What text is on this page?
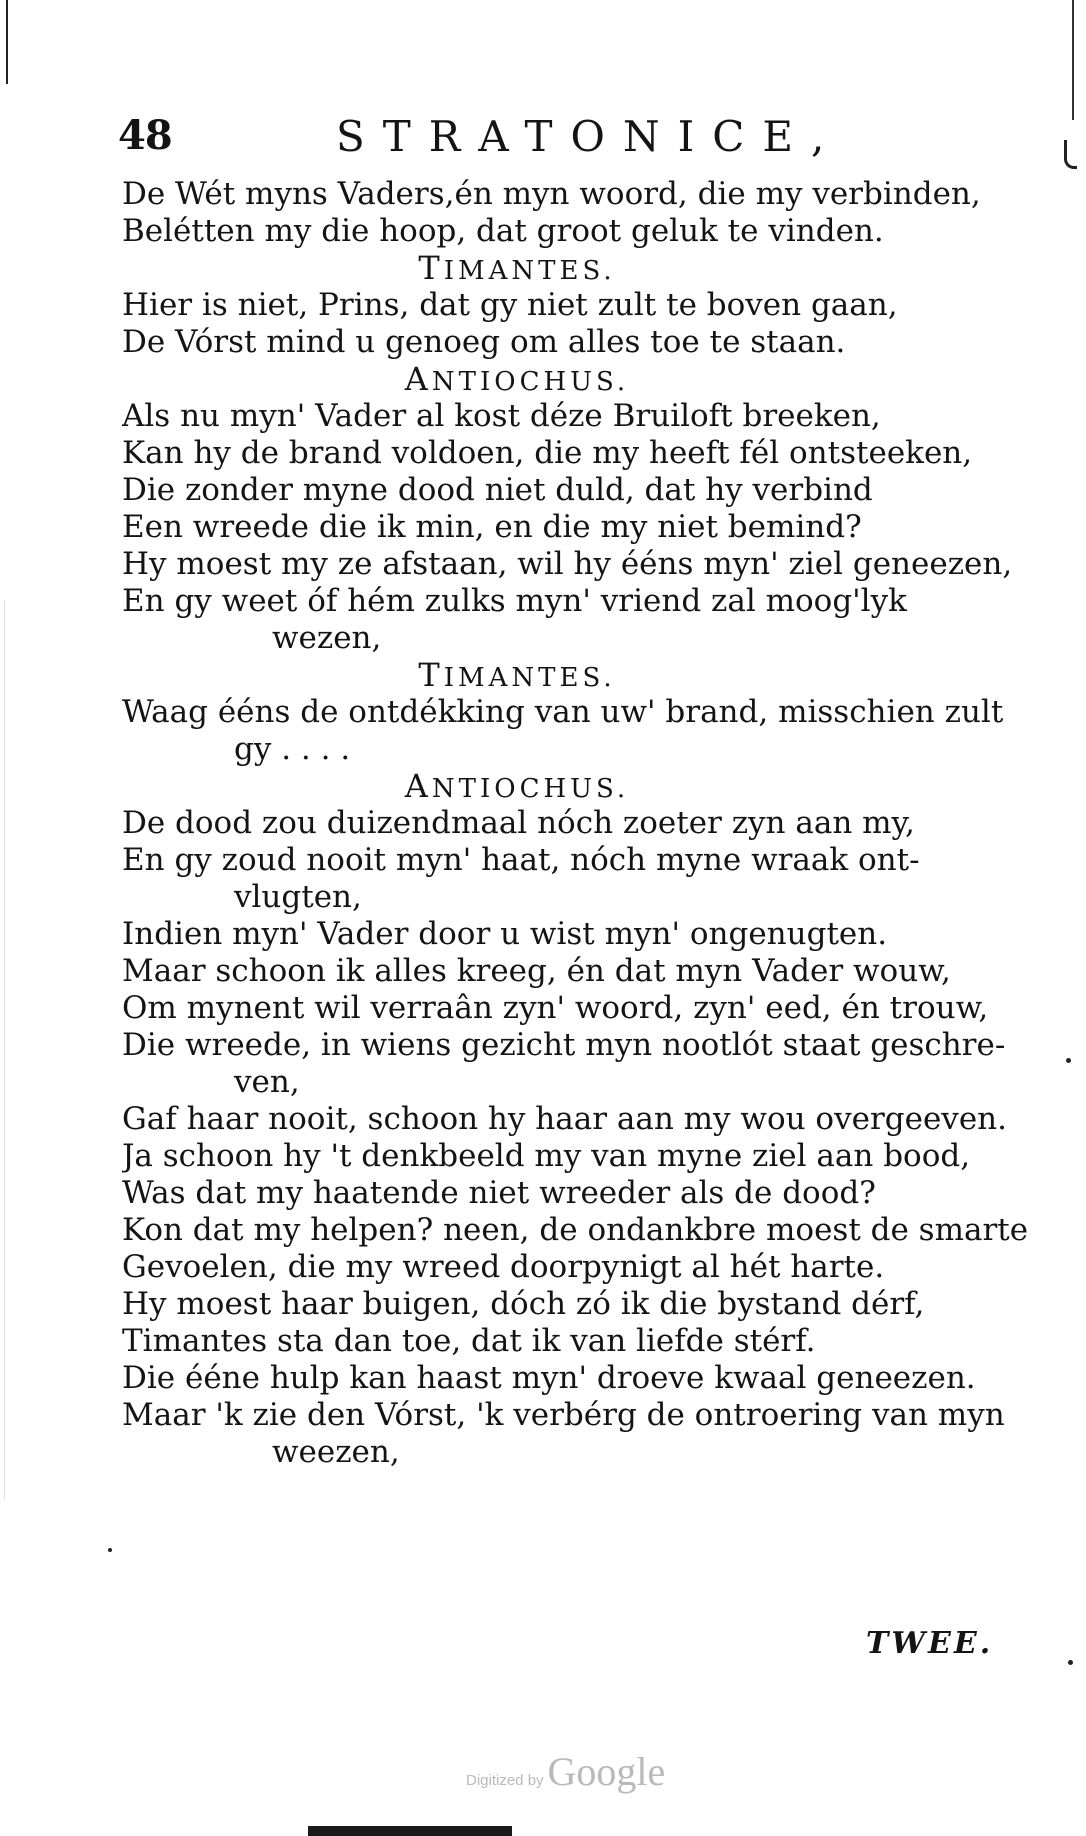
48	STRATONICE,
De Wét myns Vaders,én myn woord, die my verbinden,
Belétten my die hoop, dat groot geluk te vinden.
TIMANTES.
Hier is niet, Prins, dat gy niet zult te boven gaan,
De Vórst mind u genoeg om alles toe te staan.
ANTIOCHUS.
Als nu myn' Vader al kost déze Bruiloft breeken,
Kan hy de brand voldoen, die my heeft fél ontsteeken,
Die zonder myne dood niet duld, dat hy verbind
Een wreede die ik min, en die my niet bemind?
Hy moest my ze afstaan, wil hy ééns myn' ziel geneezen,
En gy weet óf hém zulks myn' vriend zal moog'lyk
wezen,
TIMANTES.
Waag ééns de ontdékking van uw' brand, misschien zult
gy . . . .
ANTIOCHUS.
De dood zou duizendmaal nóch zoeter zyn aan my,
En gy zoud nooit myn' haat, nóch myne wraak ont-
vlugten,
Indien myn' Vader door u wist myn' ongenugten.
Maar schoon ik alles kreeg, én dat myn Vader wouw,
Om mynent wil verraân zyn' woord, zyn' eed, én trouw,
Die wreede, in wiens gezicht myn nootlót staat geschre-
ven,
Gaf haar nooit, schoon hy haar aan my wou overgeeven.
Ja schoon hy 't denkbeeld my van myne ziel aan bood,
Was dat my haatende niet wreeder als de dood?
Kon dat my helpen? neen, de ondankbre moest de smarte
Gevoelen, die my wreed doorpynigt al hét harte.
Hy moest haar buigen, dóch zó ik die bystand dérf,
Timantes sta dan toe, dat ik van liefde stérf.
Die ééne hulp kan haast myn' droeve kwaal geneezen.
Maar 'k zie den Vórst, 'k verbérg de ontroering van myn
weezen,
TWEE.
Digitized by Google
